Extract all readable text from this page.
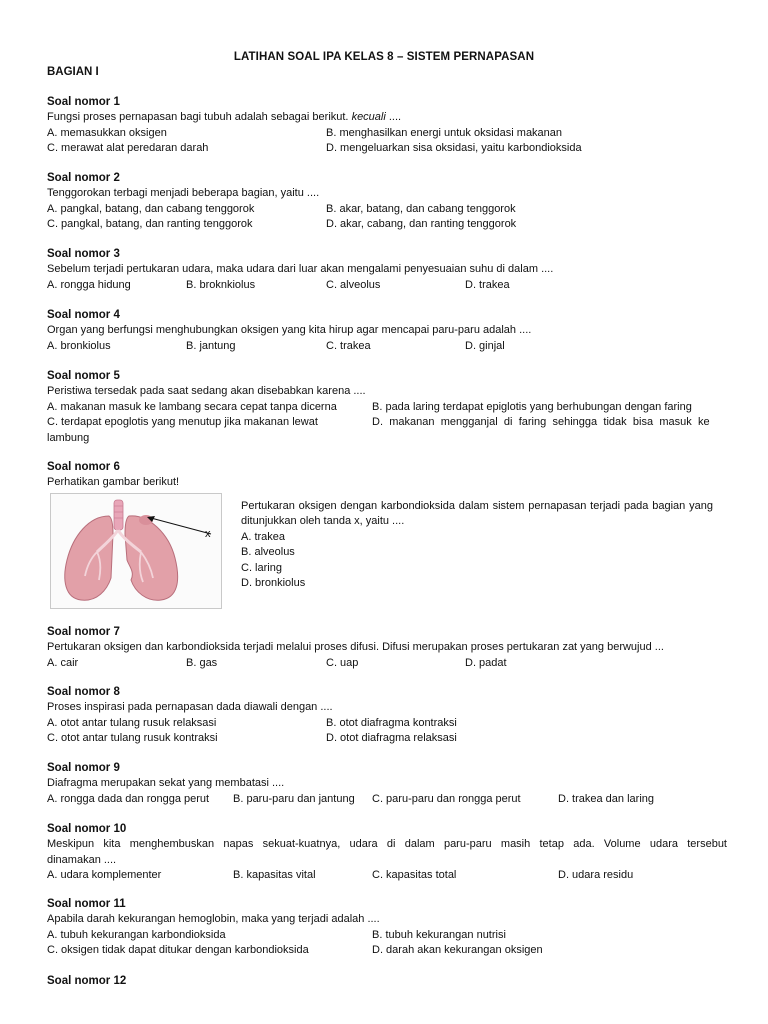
LATIHAN SOAL IPA KELAS 8 – SISTEM PERNAPASAN
BAGIAN I
Soal nomor 1
Fungsi proses pernapasan bagi tubuh adalah sebagai berikut. kecuali ....
A. memasukkan oksigen	B. menghasilkan energi untuk oksidasi makanan
C. merawat alat peredaran darah	D. mengeluarkan sisa oksidasi, yaitu karbondioksida
Soal nomor 2
Tenggorokan terbagi menjadi beberapa bagian, yaitu ....
A. pangkal, batang, dan cabang tenggorok	B. akar, batang, dan cabang tenggorok
C. pangkal, batang, dan ranting tenggorok	D. akar, cabang, dan ranting tenggorok
Soal nomor 3
Sebelum terjadi pertukaran udara, maka udara dari luar akan mengalami penyesuaian suhu di dalam ....
A. rongga hidung	B. broknkiolus	C. alveolus	D. trakea
Soal nomor 4
Organ yang berfungsi menghubungkan oksigen yang kita hirup agar mencapai paru-paru adalah ....
A. bronkiolus	B. jantung	C. trakea	D. ginjal
Soal nomor 5
Peristiwa tersedak pada saat sedang akan disebabkan karena ....
A. makanan masuk ke lambang secara cepat tanpa dicerna	B. pada laring terdapat epiglotis yang berhubungan dengan faring
C. terdapat epoglotis yang menutup jika makanan lewat	D. makanan mengganjal di faring sehingga tidak bisa masuk ke
lambung
Soal nomor 6
Perhatikan gambar berikut!
x
Pertukaran oksigen dengan karbondioksida dalam sistem pernapasan terjadi pada bagian yang ditunjukkan oleh tanda x, yaitu ....
A. trakea
B. alveolus
C. laring
D. bronkiolus
Soal nomor 7
Pertukaran oksigen dan karbondioksida terjadi melalui proses difusi. Difusi merupakan proses pertukaran zat yang berwujud ...
A. cair	B. gas	C. uap	D. padat
Soal nomor 8
Proses inspirasi pada pernapasan dada diawali dengan ....
A. otot antar tulang rusuk relaksasi	B. otot diafragma kontraksi
C. otot antar tulang rusuk kontraksi	D. otot diafragma relaksasi
Soal nomor 9
Diafragma merupakan sekat yang membatasi ....
A. rongga dada dan rongga perut B. paru-paru dan jantung C. paru-paru dan rongga perut	D. trakea dan laring
Soal nomor 10
Meskipun kita menghembuskan napas sekuat-kuatnya, udara di dalam paru-paru masih tetap ada. Volume udara tersebut
dinamakan ....
A. udara komplementer	B. kapasitas vital	C. kapasitas total	D. udara residu
Soal nomor 11
Apabila darah kekurangan hemoglobin, maka yang terjadi adalah ....
A. tubuh kekurangan karbondioksida	B. tubuh kekurangan nutrisi
C. oksigen tidak dapat ditukar dengan karbondioksida	D. darah akan kekurangan oksigen
Soal nomor 12
